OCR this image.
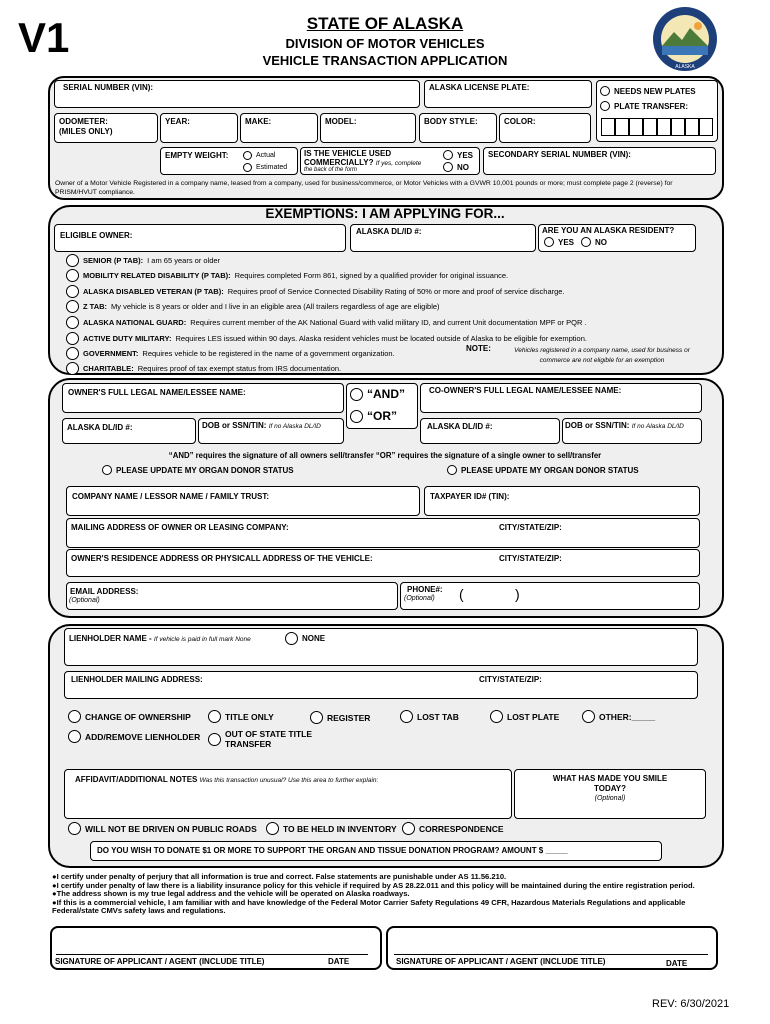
V1	STATE OF ALASKA
DIVISION OF MOTOR VEHICLES
VEHICLE TRANSACTION APPLICATION	ALASKA
SERIAL NUMBER (VIN):	ALASKA LICENSE PLATE:	NEEDS NEW PLATES
PLATE TRANSFER:
ODOMETER:
(MILES ONLY)
YEAR:	MAKE:	MODEL:	BODY STYLE:	COLOR:
EMPTY WEIGHT:	Actual
Estimated
IS THE VEHICLE USED
COMMERCIALLY? If yes, complete
the back of the form
YES
NO
SECONDARY SERIAL NUMBER (VIN):
Owner of a Motor Vehicle Registered in a company name, leased from a company, used for business/commerce, or Motor Vehicles with a GVWR 10,001 pounds or more; must complete page 2 (reverse) for PRISM/HVUT compliance.
EXEMPTIONS: I AM APPLYING FOR...
ELIGIBLE OWNER:	ALASKA DL/ID #:	ARE YOU AN ALASKA RESIDENT?
YES	NO
SENIOR (P TAB): I am 65 years or older
MOBILITY RELATED DISABILITY (P TAB): Requires completed Form 861, signed by a qualified provider for original issuance.
ALASKA DISABLED VETERAN (P TAB): Requires proof of Service Connected Disability Rating of 50% or more and proof of service discharge.
Z TAB: My vehicle is 8 years or older and I live in an eligible area (All trailers regardless of age are eligible)
ALASKA NATIONAL GUARD: Requires current member of the AK National Guard with valid military ID, and current Unit documentation MPF or PQR .
ACTIVE DUTY MILITARY: Requires LES issued within 90 days. Alaska resident vehicles must be located outside of Alaska to be eligible for exemption.
GOVERNMENT: Requires vehicle to be registered in the name of a government organization.
CHARITABLE: Requires proof of tax exempt status from IRS documentation.
NOTE:	Vehicles registered in a company name, used for business or
commerce are not eligible for an exemption
OWNER'S FULL LEGAL NAME/LESSEE NAME:	“AND”
“OR”
CO-OWNER'S FULL LEGAL NAME/LESSEE NAME:
ALASKA DL/ID #:	DOB or SSN/TIN: If no Alaska DL/ID	ALASKA DL/ID #:	DOB or SSN/TIN: If no Alaska DL/ID
“AND” requires the signature of all owners sell/transfer “OR” requires the signature of a single owner to sell/transfer
PLEASE UPDATE MY ORGAN DONOR STATUS	PLEASE UPDATE MY ORGAN DONOR STATUS
COMPANY NAME / LESSOR NAME / FAMILY TRUST:	TAXPAYER ID# (TIN):
MAILING ADDRESS OF OWNER OR LEASING COMPANY:	CITY/STATE/ZIP:
OWNER'S RESIDENCE ADDRESS OR PHYSICALL ADDRESS OF THE VEHICLE:	CITY/STATE/ZIP:
EMAIL ADDRESS:
(Optional)
PHONE#:
(Optional) (	)
LIENHOLDER NAME - If vehicle is paid in full mark None	NONE
LIENHOLDER MAILING ADDRESS:	CITY/STATE/ZIP:
CHANGE OF OWNERSHIP	TITLE ONLY	REGISTER	LOST TAB	LOST PLATE	OTHER:_____
ADD/REMOVE LIENHOLDER	OUT OF STATE TITLE
TRANSFER
AFFIDAVIT/ADDITIONAL NOTES Was this transaction unusual? Use this area to further explain:	WHAT HAS MADE YOU SMILE
TODAY?
(Optional)
WILL NOT BE DRIVEN ON PUBLIC ROADS	TO BE HELD IN INVENTORY	CORRESPONDENCE
DO YOU WISH TO DONATE $1 OR MORE TO SUPPORT THE ORGAN AND TISSUE DONATION PROGRAM? AMOUNT $ _____
●I certify under penalty of perjury that all information is true and correct. False statements are punishable under AS 11.56.210.
●I certify under penalty of law there is a liability insurance policy for this vehicle if required by AS 28.22.011 and this policy will be maintained during the entire registration period.
●The address shown is my true legal address and the vehicle will be operated on Alaska roadways.
●If this is a commercial vehicle, I am familiar with and have knowledge of the Federal Motor Carrier Safety Regulations 49 CFR, Hazardous Materials Regulations and applicable Federal/state CMVs safety laws and regulations.
SIGNATURE OF APPLICANT / AGENT (INCLUDE TITLE)	DATE	SIGNATURE OF APPLICANT / AGENT (INCLUDE TITLE)	DATE
REV: 6/30/2021
